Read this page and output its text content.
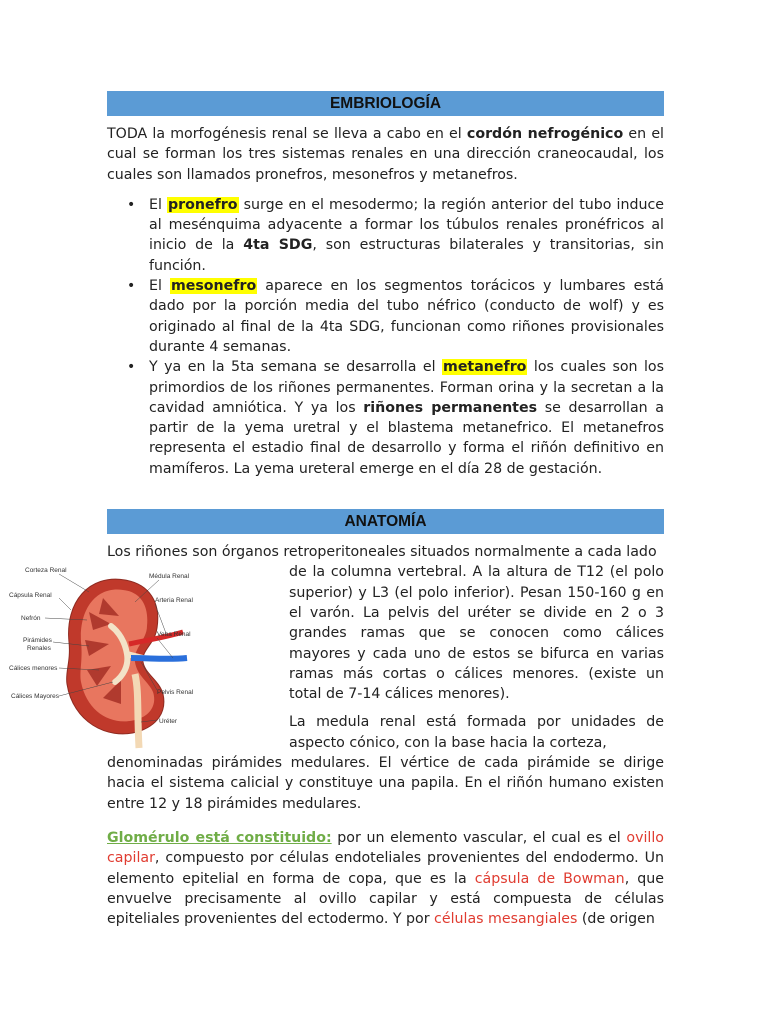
EMBRIOLOGÍA

TODA la morfogénesis renal se lleva a cabo en el cordón nefrogénico en el cual se forman los tres sistemas renales en una dirección craneocaudal, los cuales son llamados pronefros, mesonefros y metanefros.

• El pronefro surge en el mesodermo; la región anterior del tubo induce al mesénquima adyacente a formar los túbulos renales pronéfricos al inicio de la 4ta SDG, son estructuras bilaterales y transitorias, sin función.
• El mesonefro aparece en los segmentos torácicos y lumbares está dado por la porción media del tubo néfrico (conducto de wolf) y es originado al final de la 4ta SDG, funcionan como riñones provisionales durante 4 semanas.
• Y ya en la 5ta semana se desarrolla el metanefro los cuales son los primordios de los riñones permanentes. Forman orina y la secretan a la cavidad amniótica. Y ya los riñones permanentes se desarrollan a partir de la yema uretral y el blastema metanefrico. El metanefros representa el estadio final de desarrollo y forma el riñón definitivo en mamíferos. La yema ureteral emerge en el día 28 de gestación.
ANATOMÍA

Los riñones son órganos retroperitoneales situados normalmente a cada lado

Corteza Renal
Cápsula Renal
Nefrón
Pirámides
Renales
Cálices menores
Cálices Mayores
Médula Renal
Arteria Renal
Vena Renal
Pelvis Renal
Uréter

de la columna vertebral. A la altura de T12 (el polo superior) y L3 (el polo inferior). Pesan 150-160 g en el varón. La pelvis del uréter se divide en 2 o 3 grandes ramas que se conocen como cálices mayores y cada uno de estos se bifurca en varias ramas más cortas o cálices menores. (existe un total de 7-14 cálices menores).

La medula renal está formada por unidades de aspecto cónico, con la base hacia la corteza,

denominadas pirámides medulares. El vértice de cada pirámide se dirige hacia el sistema calicial y constituye una papila. En el riñón humano existen entre 12 y 18 pirámides medulares.

Glomérulo está constituido: por un elemento vascular, el cual es el ovillo capilar, compuesto por células endoteliales provenientes del endodermo. Un elemento epitelial en forma de copa, que es la cápsula de Bowman, que envuelve precisamente al ovillo capilar y está compuesta de células epiteliales provenientes del ectodermo. Y por células mesangiales (de origen
